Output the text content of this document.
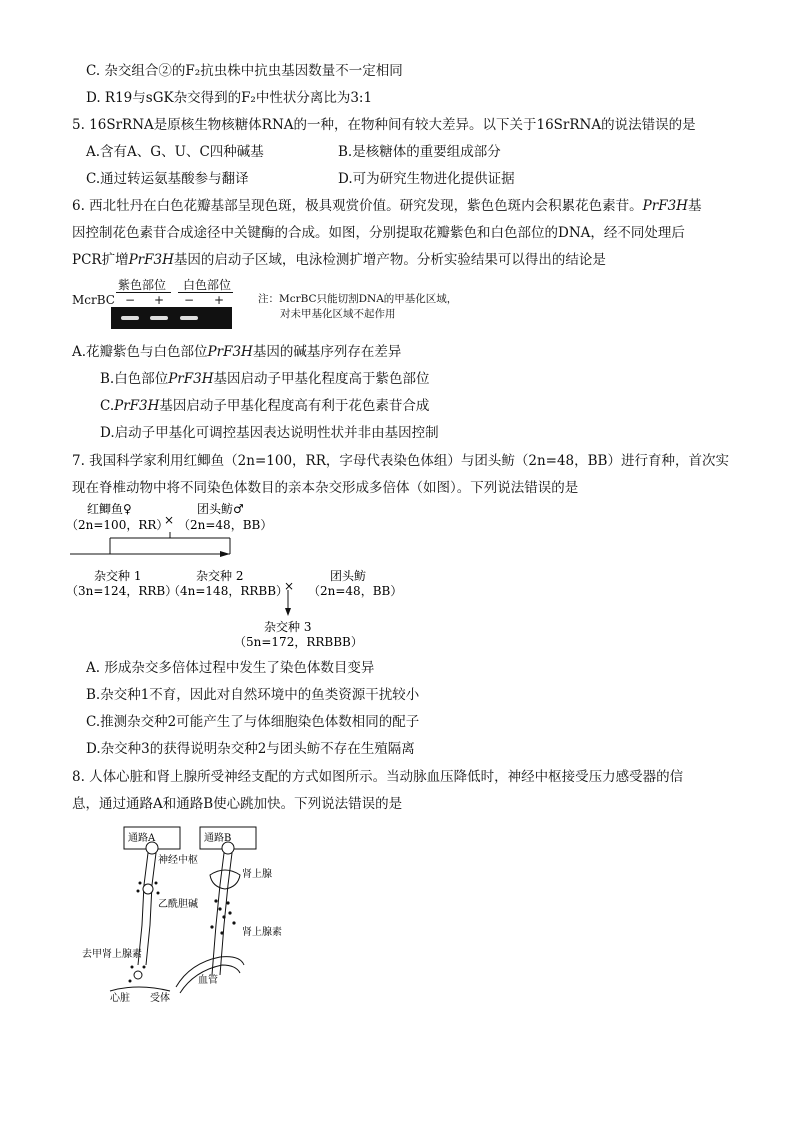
C. 杂交组合②的F₂抗虫株中抗虫基因数量不一定相同
D. R19与sGK杂交得到的F₂中性状分离比为3:1
5. 16SrRNA是原核生物核糖体RNA的一种，在物种间有较大差异。以下关于16SrRNA的说法错误的是
A.含有A、G、U、C四种碱基	B.是核糖体的重要组成部分
C.通过转运氨基酸参与翻译	D.可为研究生物进化提供证据
6. 西北牡丹在白色花瓣基部呈现色斑，极具观赏价值。研究发现，紫色色斑内会积累花色素苷。PrF3H基
因控制花色素苷合成途径中关键酶的合成。如图，分别提取花瓣紫色和白色部位的DNA，经不同处理后
PCR扩增PrF3H基因的启动子区域，电泳检测扩增产物。分析实验结果可以得出的结论是
紫色部位 白色部位
McrBC − + − +	注：McrBC只能切割DNA的甲基化区域，
对未甲基化区域不起作用
A.花瓣紫色与白色部位PrF3H基因的碱基序列存在差异
B.白色部位PrF3H基因启动子甲基化程度高于紫色部位
C.PrF3H基因启动子甲基化程度高有利于花色素苷合成
D.启动子甲基化可调控基因表达说明性状并非由基因控制
7. 我国科学家利用红鲫鱼（2n=100，RR，字母代表染色体组）与团头鲂（2n=48，BB）进行育种，首次实
现在脊椎动物中将不同染色体数目的亲本杂交形成多倍体（如图）。下列说法错误的是
红鲫鱼♀
（2n=100，RR）
×
团头鲂♂
（2n=48，BB）
杂交种 1
（3n=124，RRB）
杂交种 2
（4n=148，RRBB）
×
团头鲂
（2n=48，BB）
杂交种 3
（5n=172，RRBBB）
A. 形成杂交多倍体过程中发生了染色体数目变异
B.杂交种1不育，因此对自然环境中的鱼类资源干扰较小
C.推测杂交种2可能产生了与体细胞染色体数相同的配子
D.杂交种3的获得说明杂交种2与团头鲂不存在生殖隔离
8. 人体心脏和肾上腺所受神经支配的方式如图所示。当动脉血压降低时，神经中枢接受压力感受器的信
息，通过通路A和通路B使心跳加快。下列说法错误的是
通路A	通路B
神经中枢
肾上腺
乙酰胆碱
肾上腺素
去甲肾上腺素
血管
心脏 受体
